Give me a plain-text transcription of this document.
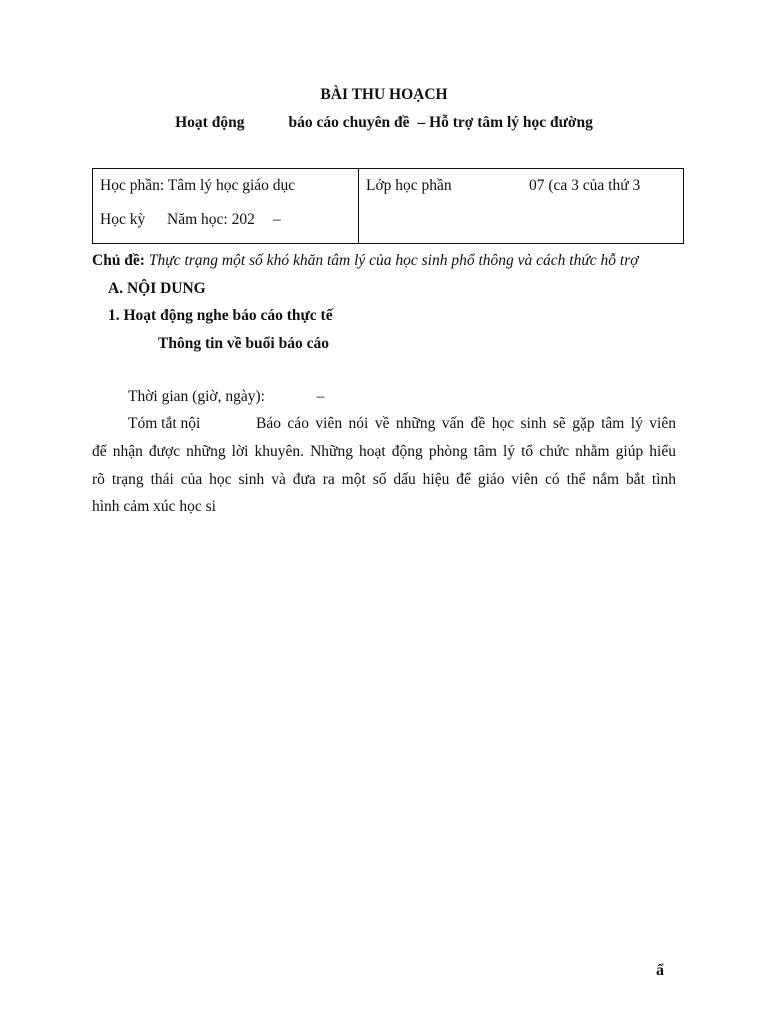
BÀI THU HOẠCH
Hoạt động	báo cáo chuyên đề – Hỗ trợ tâm lý học đường
Học phần: Tâm lý học giáo dục
Học kỳ Năm học: 202 –
Lớp học phần	07 (ca 3 của thứ 3
Chủ đề: Thực trạng một số khó khăn tâm lý của học sinh phổ thông và cách thức hỗ trợ
A. NỘI DUNG
1. Hoạt động nghe báo cáo thực tế
Thông tin về buổi báo cáo
Thời gian (giờ, ngày):	–
Tóm tắt nội	Báo cáo viên nói về những vấn đề học sinh sẽ gặp tâm lý viên
để nhận được những lời khuyên. Những hoạt động phòng tâm lý tổ chức nhằm giúp hiểu
rõ trạng thái của học sinh và đưa ra một số dấu hiệu để giáo viên có thể nắm bắt tình
hình cảm xúc học si
ẩ
